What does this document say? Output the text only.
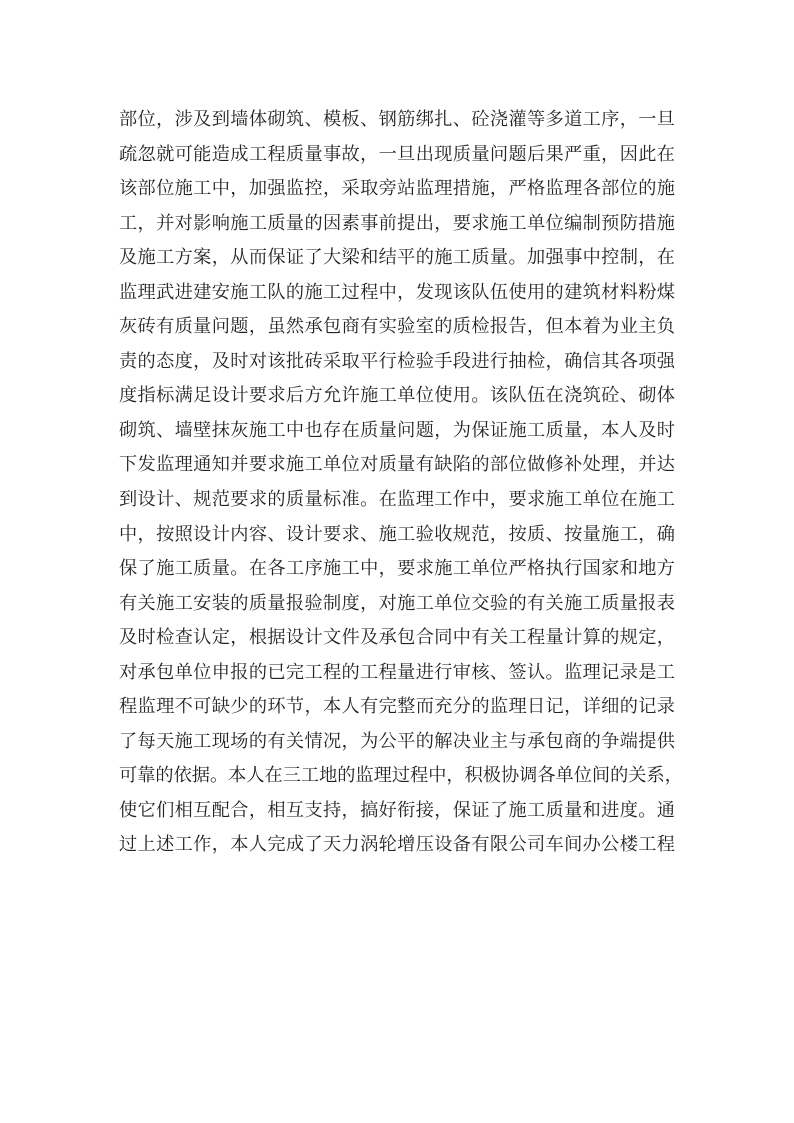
部位，涉及到墙体砌筑、模板、钢筋绑扎、砼浇灌等多道工序，一旦
疏忽就可能造成工程质量事故，一旦出现质量问题后果严重，因此在
该部位施工中，加强监控，采取旁站监理措施，严格监理各部位的施
工，并对影响施工质量的因素事前提出，要求施工单位编制预防措施
及施工方案，从而保证了大梁和结平的施工质量。加强事中控制，在
监理武进建安施工队的施工过程中，发现该队伍使用的建筑材料粉煤
灰砖有质量问题，虽然承包商有实验室的质检报告，但本着为业主负
责的态度，及时对该批砖采取平行检验手段进行抽检，确信其各项强
度指标满足设计要求后方允许施工单位使用。该队伍在浇筑砼、砌体
砌筑、墙壁抹灰施工中也存在质量问题，为保证施工质量，本人及时
下发监理通知并要求施工单位对质量有缺陷的部位做修补处理，并达
到设计、规范要求的质量标准。在监理工作中，要求施工单位在施工
中，按照设计内容、设计要求、施工验收规范，按质、按量施工，确
保了施工质量。在各工序施工中，要求施工单位严格执行国家和地方
有关施工安装的质量报验制度，对施工单位交验的有关施工质量报表
及时检查认定，根据设计文件及承包合同中有关工程量计算的规定，
对承包单位申报的已完工程的工程量进行审核、签认。监理记录是工
程监理不可缺少的环节，本人有完整而充分的监理日记，详细的记录
了每天施工现场的有关情况，为公平的解决业主与承包商的争端提供
可靠的依据。本人在三工地的监理过程中，积极协调各单位间的关系，
使它们相互配合，相互支持，搞好衔接，保证了施工质量和进度。通
过上述工作，本人完成了天力涡轮增压设备有限公司车间办公楼工程
